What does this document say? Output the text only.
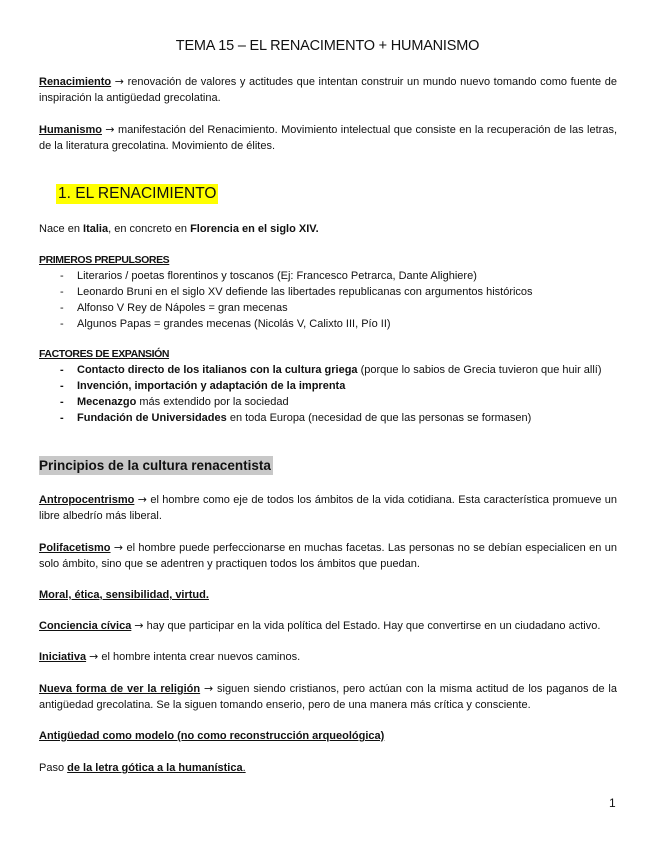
TEMA 15 – EL RENACIMENTO + HUMANISMO
Renacimiento → renovación de valores y actitudes que intentan construir un mundo nuevo tomando como fuente de inspiración la antigüedad grecolatina.
Humanismo → manifestación del Renacimiento. Movimiento intelectual que consiste en la recuperación de las letras, de la literatura grecolatina. Movimiento de élites.
1. EL RENACIMIENTO
Nace en Italia, en concreto en Florencia en el siglo XIV.
PRIMEROS PREPULSORES
- Literarios / poetas florentinos y toscanos (Ej: Francesco Petrarca, Dante Alighiere)
- Leonardo Bruni en el siglo XV defiende las libertades republicanas con argumentos históricos
- Alfonso V Rey de Nápoles = gran mecenas
- Algunos Papas = grandes mecenas (Nicolás V, Calixto III, Pío II)
FACTORES DE EXPANSIÓN
- Contacto directo de los italianos con la cultura griega (porque lo sabios de Grecia tuvieron que huir allí)
- Invención, importación y adaptación de la imprenta
- Mecenazgo más extendido por la sociedad
- Fundación de Universidades en toda Europa (necesidad de que las personas se formasen)
Principios de la cultura renacentista
Antropocentrismo → el hombre como eje de todos los ámbitos de la vida cotidiana. Esta característica promueve un libre albedrío más liberal.
Polifacetismo → el hombre puede perfeccionarse en muchas facetas. Las personas no se debían especialicen en un solo ámbito, sino que se adentren y practiquen todos los ámbitos que puedan.
Moral, ética, sensibilidad, virtud.
Conciencia cívica → hay que participar en la vida política del Estado. Hay que convertirse en un ciudadano activo.
Iniciativa → el hombre intenta crear nuevos caminos.
Nueva forma de ver la religión → siguen siendo cristianos, pero actúan con la misma actitud de los paganos de la antigüedad grecolatina. Se la siguen tomando enserio, pero de una manera más crítica y consciente.
Antigüedad como modelo (no como reconstrucción arqueológica)
Paso de la letra gótica a la humanística.
1
